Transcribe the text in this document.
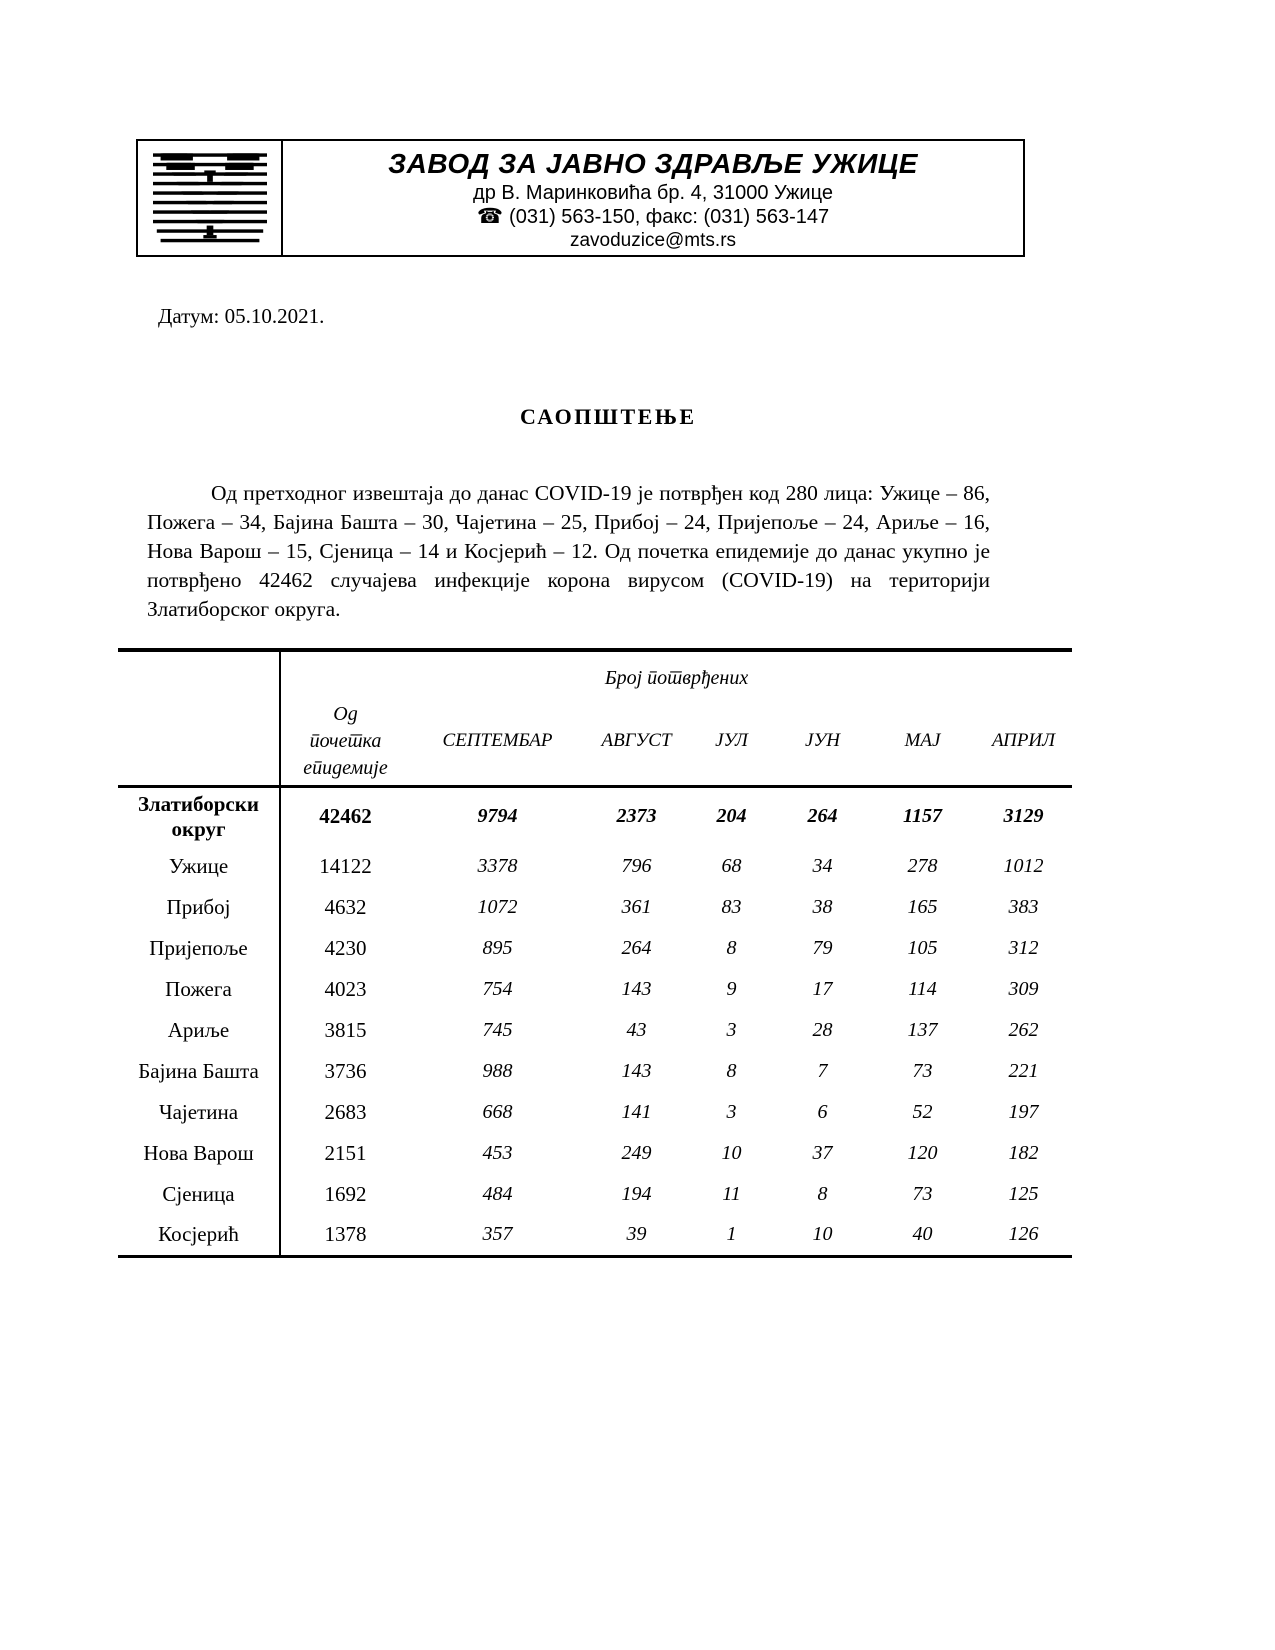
ЗАВОД ЗА ЈАВНО ЗДРАВЉЕ УЖИЦЕ
др В. Маринковића бр. 4, 31000 Ужице
☎ (031) 563-150, факс: (031) 563-147
zavoduzice@mts.rs
Датум: 05.10.2021.
САОПШТЕЊЕ

Од претходног извештаја до данас COVID-19 је потврђен код 280 лица: Ужице – 86, Пожега – 34, Бајина Башта – 30, Чајетина – 25, Прибој – 24, Пријепоље – 24, Ариље – 16, Нова Варош – 15, Сјеница – 14 и Косјерић – 12. Од почетка епидемије до данас укупно је потврђено 42462 случајева инфекције корона вирусом (COVID-19) на територији Златиборског округа.

	Број потврђених						
	Од почетка епидемије	СЕПТЕМБАР	АВГУСТ	ЈУЛ	ЈУН	МАЈ	АПРИЛ
Златиборски округ	42462	9794	2373	204	264	1157	3129
Ужице	14122	3378	796	68	34	278	1012
Прибој	4632	1072	361	83	38	165	383
Пријепоље	4230	895	264	8	79	105	312
Пожега	4023	754	143	9	17	114	309
Ариље	3815	745	43	3	28	137	262
Бајина Башта	3736	988	143	8	7	73	221
Чајетина	2683	668	141	3	6	52	197
Нова Варош	2151	453	249	10	37	120	182
Сјеница	1692	484	194	11	8	73	125
Косјерић	1378	357	39	1	10	40	126
